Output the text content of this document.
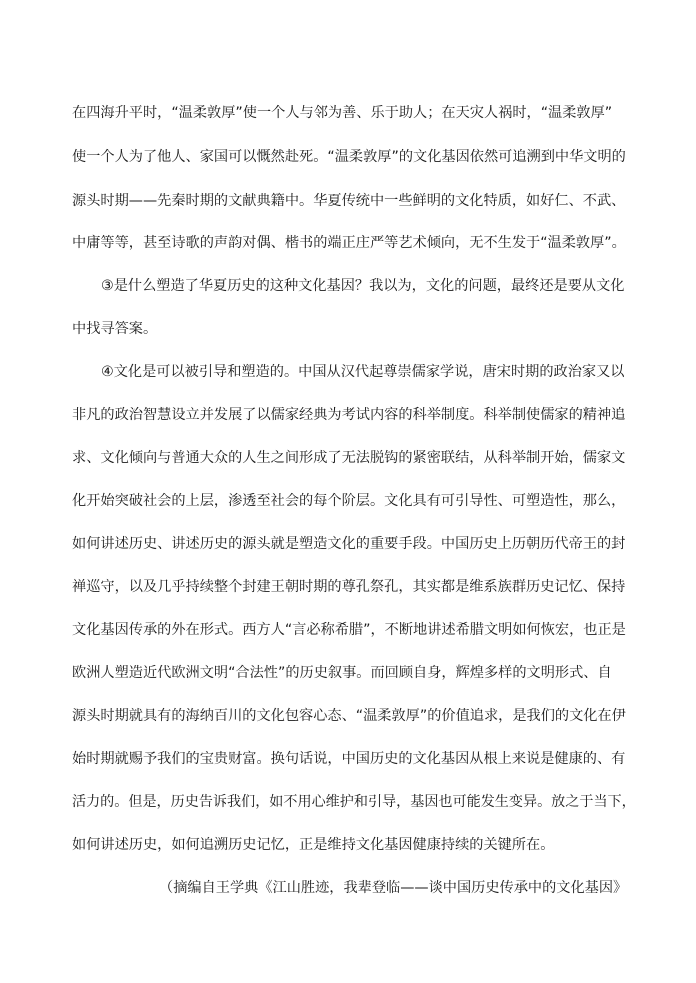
在四海升平时，“温柔敦厚”使一个人与邻为善、乐于助人；在天灾人祸时，“温柔敦厚”
使一个人为了他人、家国可以慨然赴死。“温柔敦厚”的文化基因依然可追溯到中华文明的
源头时期——先秦时期的文献典籍中。华夏传统中一些鲜明的文化特质，如好仁、不武、
中庸等等，甚至诗歌的声韵对偶、楷书的端正庄严等艺术倾向，无不生发于“温柔敦厚”。
③是什么塑造了华夏历史的这种文化基因？我以为，文化的问题，最终还是要从文化
中找寻答案。
④文化是可以被引导和塑造的。中国从汉代起尊崇儒家学说，唐宋时期的政治家又以
非凡的政治智慧设立并发展了以儒家经典为考试内容的科举制度。科举制使儒家的精神追
求、文化倾向与普通大众的人生之间形成了无法脱钩的紧密联结，从科举制开始，儒家文
化开始突破社会的上层，渗透至社会的每个阶层。文化具有可引导性、可塑造性，那么，
如何讲述历史、讲述历史的源头就是塑造文化的重要手段。中国历史上历朝历代帝王的封
禅巡守，以及几乎持续整个封建王朝时期的尊孔祭孔，其实都是维系族群历史记忆、保持
文化基因传承的外在形式。西方人“言必称希腊”，不断地讲述希腊文明如何恢宏，也正是
欧洲人塑造近代欧洲文明“合法性”的历史叙事。而回顾自身，辉煌多样的文明形式、自
源头时期就具有的海纳百川的文化包容心态、“温柔敦厚”的价值追求，是我们的文化在伊
始时期就赐予我们的宝贵财富。换句话说，中国历史的文化基因从根上来说是健康的、有
活力的。但是，历史告诉我们，如不用心维护和引导，基因也可能发生变异。放之于当下，
如何讲述历史，如何追溯历史记忆，正是维持文化基因健康持续的关键所在。
（摘编自王学典《江山胜迹，我辈登临——谈中国历史传承中的文化基因》
